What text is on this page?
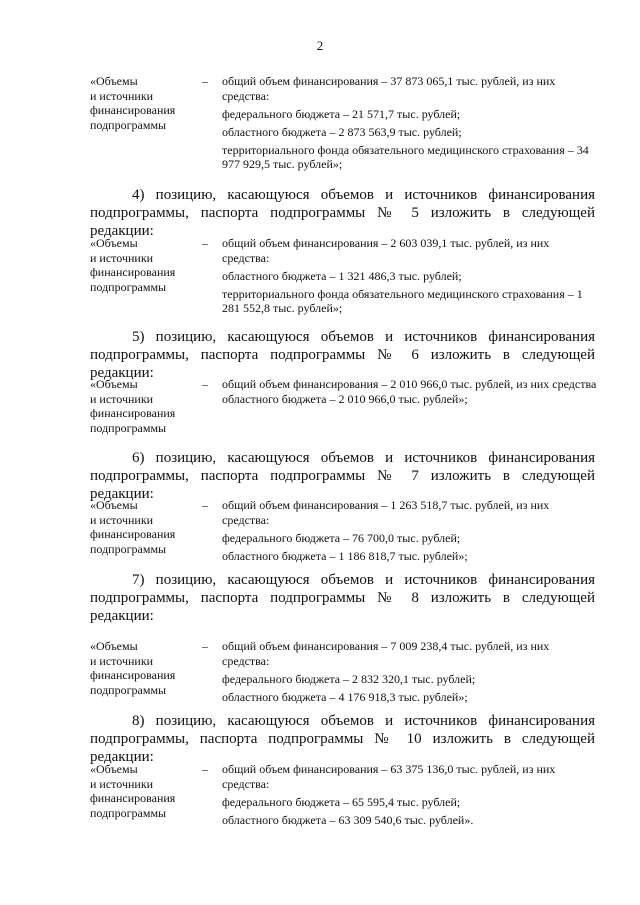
2
«Объемы
и источники
финансирования
подпрограммы
– общий объем финансирования – 37 873 065,1 тыс. рублей, из них средства:

федерального бюджета – 21 571,7 тыс. рублей;

областного бюджета – 2 873 563,9 тыс. рублей;

территориального фонда обязательного медицинского страхования – 34 977 929,5 тыс. рублей»;

4) позицию, касающуюся объемов и источников финансирования подпрограммы, паспорта подпрограммы № 5 изложить в следующей редакции:
«Объемы
и источники
финансирования
подпрограммы
– общий объем финансирования – 2 603 039,1 тыс. рублей, из них средства:

областного бюджета – 1 321 486,3 тыс. рублей;

территориального фонда обязательного медицинского страхования – 1 281 552,8 тыс. рублей»;

5) позицию, касающуюся объемов и источников финансирования подпрограммы, паспорта подпрограммы № 6 изложить в следующей редакции:
«Объемы
и источники
финансирования
подпрограммы
– общий объем финансирования – 2 010 966,0 тыс. рублей, из них средства областного бюджета – 2 010 966,0 тыс. рублей»;

6) позицию, касающуюся объемов и источников финансирования подпрограммы, паспорта подпрограммы № 7 изложить в следующей редакции:
«Объемы
и источники
финансирования
подпрограммы
– общий объем финансирования – 1 263 518,7 тыс. рублей, из них средства:

федерального бюджета – 76 700,0 тыс. рублей;

областного бюджета – 1 186 818,7 тыс. рублей»;

7) позицию, касающуюся объемов и источников финансирования подпрограммы, паспорта подпрограммы № 8 изложить в следующей редакции:
«Объемы
и источники
финансирования
подпрограммы
– общий объем финансирования – 7 009 238,4 тыс. рублей, из них средства:

федерального бюджета – 2 832 320,1 тыс. рублей;

областного бюджета – 4 176 918,3 тыс. рублей»;

8) позицию, касающуюся объемов и источников финансирования подпрограммы, паспорта подпрограммы № 10 изложить в следующей редакции:
«Объемы
и источники
финансирования
подпрограммы
– общий объем финансирования – 63 375 136,0 тыс. рублей, из них средства:

федерального бюджета – 65 595,4 тыс. рублей;

областного бюджета – 63 309 540,6 тыс. рублей».
